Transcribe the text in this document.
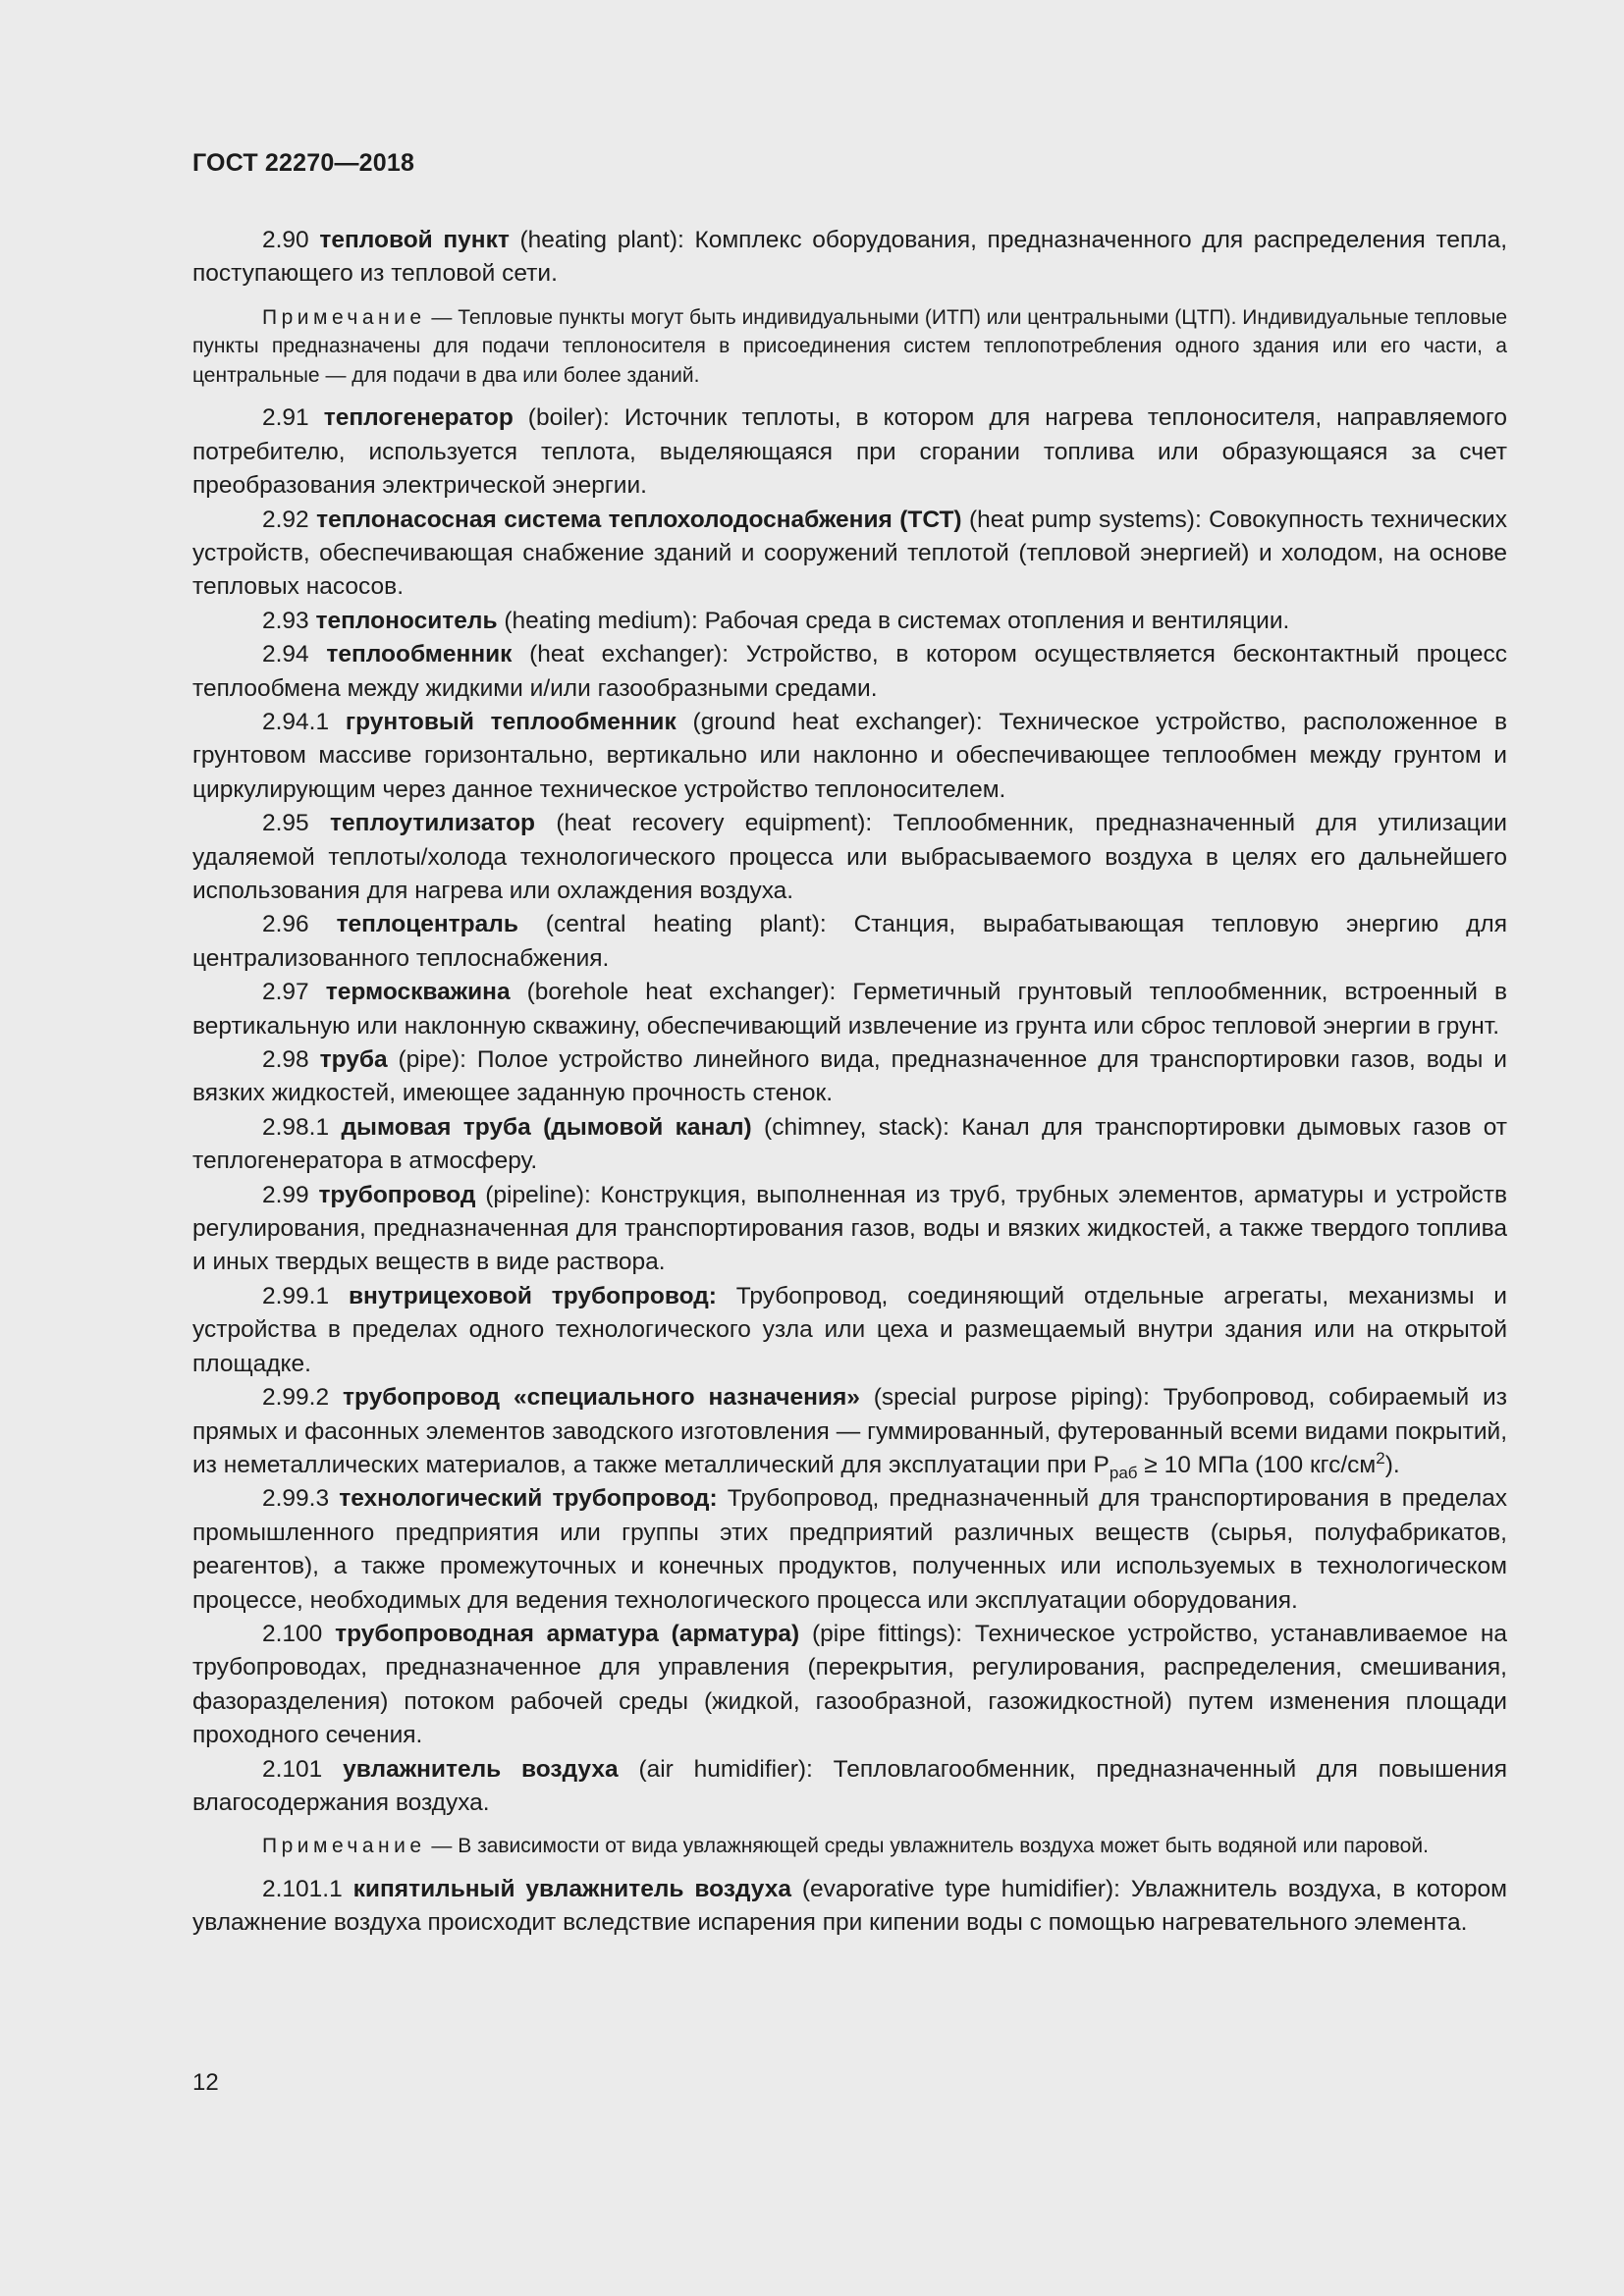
ГОСТ 22270—2018

2.90 тепловой пункт (heating plant): Комплекс оборудования, предназначенного для распределения тепла, поступающего из тепловой сети.

Примечание — Тепловые пункты могут быть индивидуальными (ИТП) или центральными (ЦТП). Индивидуальные тепловые пункты предназначены для подачи теплоносителя в присоединения систем теплопотребления одного здания или его части, а центральные — для подачи в два или более зданий.

2.91 теплогенератор (boiler): Источник теплоты, в котором для нагрева теплоносителя, направляемого потребителю, используется теплота, выделяющаяся при сгорании топлива или образующаяся за счет преобразования электрической энергии.

2.92 теплонасосная система теплохолодоснабжения (ТСТ) (heat pump systems): Совокупность технических устройств, обеспечивающая снабжение зданий и сооружений теплотой (тепловой энергией) и холодом, на основе тепловых насосов.

2.93 теплоноситель (heating medium): Рабочая среда в системах отопления и вентиляции.

2.94 теплообменник (heat exchanger): Устройство, в котором осуществляется бесконтактный процесс теплообмена между жидкими и/или газообразными средами.

2.94.1 грунтовый теплообменник (ground heat exchanger): Техническое устройство, расположенное в грунтовом массиве горизонтально, вертикально или наклонно и обеспечивающее теплообмен между грунтом и циркулирующим через данное техническое устройство теплоносителем.

2.95 теплоутилизатор (heat recovery equipment): Теплообменник, предназначенный для утилизации удаляемой теплоты/холода технологического процесса или выбрасываемого воздуха в целях его дальнейшего использования для нагрева или охлаждения воздуха.

2.96 теплоцентраль (central heating plant): Станция, вырабатывающая тепловую энергию для централизованного теплоснабжения.

2.97 термоскважина (borehole heat exchanger): Герметичный грунтовый теплообменник, встроенный в вертикальную или наклонную скважину, обеспечивающий извлечение из грунта или сброс тепловой энергии в грунт.

2.98 труба (pipe): Полое устройство линейного вида, предназначенное для транспортировки газов, воды и вязких жидкостей, имеющее заданную прочность стенок.

2.98.1 дымовая труба (дымовой канал) (chimney, stack): Канал для транспортировки дымовых газов от теплогенератора в атмосферу.

2.99 трубопровод (pipeline): Конструкция, выполненная из труб, трубных элементов, арматуры и устройств регулирования, предназначенная для транспортирования газов, воды и вязких жидкостей, а также твердого топлива и иных твердых веществ в виде раствора.

2.99.1 внутрицеховой трубопровод: Трубопровод, соединяющий отдельные агрегаты, механизмы и устройства в пределах одного технологического узла или цеха и размещаемый внутри здания или на открытой площадке.

2.99.2 трубопровод «специального назначения» (special purpose piping): Трубопровод, собираемый из прямых и фасонных элементов заводского изготовления — гуммированный, футерованный всеми видами покрытий, из неметаллических материалов, а также металлический для эксплуатации при $P_{раб} \ge 10$ МПа (100 кгс/$см^2$).

2.99.3 технологический трубопровод: Трубопровод, предназначенный для транспортирования в пределах промышленного предприятия или группы этих предприятий различных веществ (сырья, полуфабрикатов, реагентов), а также промежуточных и конечных продуктов, полученных или используемых в технологическом процессе, необходимых для ведения технологического процесса или эксплуатации оборудования.

2.100 трубопроводная арматура (арматура) (pipe fittings): Техническое устройство, устанавливаемое на трубопроводах, предназначенное для управления (перекрытия, регулирования, распределения, смешивания, фазоразделения) потоком рабочей среды (жидкой, газообразной, газожидкостной) путем изменения площади проходного сечения.

2.101 увлажнитель воздуха (air humidifier): Тепловлагообменник, предназначенный для повышения влагосодержания воздуха.

Примечание — В зависимости от вида увлажняющей среды увлажнитель воздуха может быть водяной или паровой.

2.101.1 кипятильный увлажнитель воздуха (evaporative type humidifier): Увлажнитель воздуха, в котором увлажнение воздуха происходит вследствие испарения при кипении воды с помощью нагревательного элемента.

12
